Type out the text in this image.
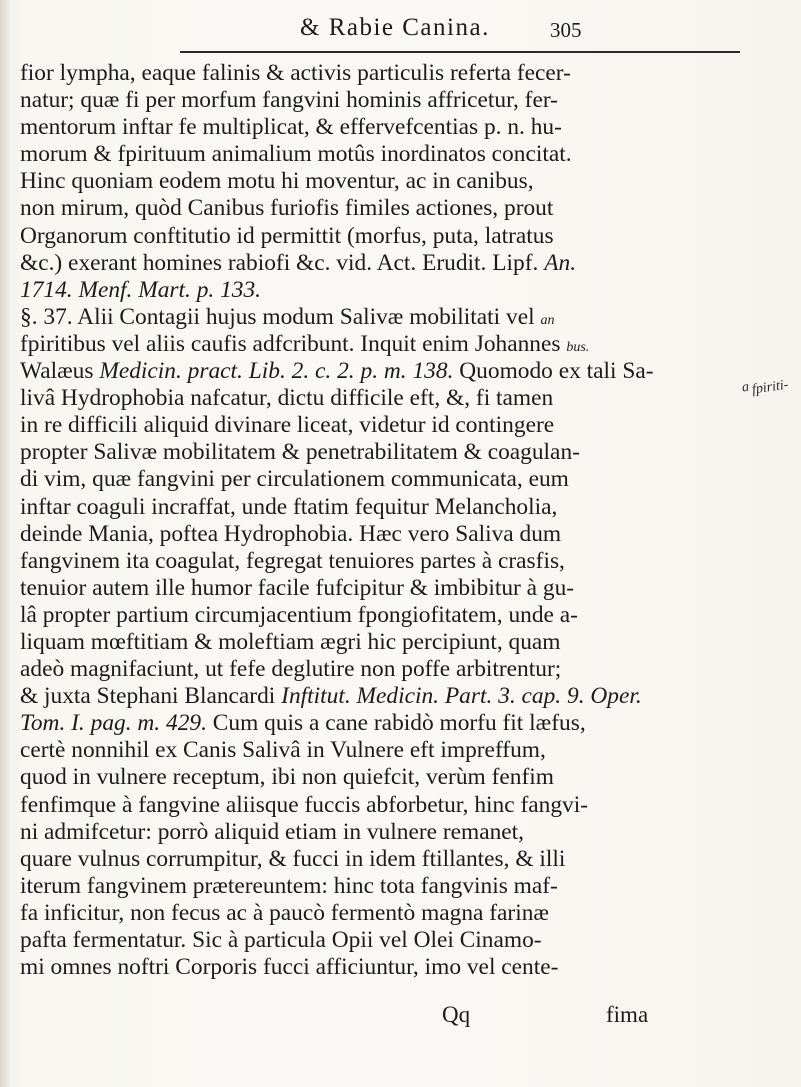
& Rabie Canina.	305
fior lympha, eaque falinis & activis particulis referta fecer-
natur; quæ fi per morfum fangvini hominis affricetur, fer-
mentorum inftar fe multiplicat, & effervefcentias p. n. hu-
morum & fpirituum animalium motûs inordinatos concitat.
Hinc quoniam eodem motu hi moventur, ac in canibus,
non mirum, quòd Canibus furiofis fimiles actiones, prout
Organorum conftitutio id permittit (morfus, puta, latratus
&c.) exerant homines rabiofi &c. vid. Act. Erudit. Lipf. An.
1714. Menf. Mart. p. 133.
§. 37. Alii Contagii hujus modum Salivæ mobilitati vel an
fpiritibus vel aliis caufis adfcribunt. Inquit enim Johannes bus.
Walæus Medicin. pract. Lib. 2. c. 2. p. m. 138. Quomodo ex tali Sa-
livâ Hydrophobia nafcatur, dictu difficile eft, &, fi tamen
in re difficili aliquid divinare liceat, videtur id contingere
propter Salivæ mobilitatem & penetrabilitatem & coagulan-
di vim, quæ fangvini per circulationem communicata, eum
inftar coaguli incraffat, unde ftatim fequitur Melancholia,
deinde Mania, poftea Hydrophobia. Hæc vero Saliva dum
fangvinem ita coagulat, fegregat tenuiores partes à crasfis,
tenuior autem ille humor facile fufcipitur & imbibitur à gu-
lâ propter partium circumjacentium fpongiofitatem, unde a-
liquam mœftitiam & moleftiam ægri hic percipiunt, quam
adeò magnifaciunt, ut fefe deglutire non poffe arbitrentur;
& juxta Stephani Blancardi Inftitut. Medicin. Part. 3. cap. 9. Oper.
Tom. I. pag. m. 429. Cum quis a cane rabidò morfu fit læfus,
certè nonnihil ex Canis Salivâ in Vulnere eft impreffum,
quod in vulnere receptum, ibi non quiefcit, verùm fenfim
fenfimque à fangvine aliisque fuccis abforbetur, hinc fangvi-
ni admifcetur: porrò aliquid etiam in vulnere remanet,
quare vulnus corrumpitur, & fucci in idem ftillantes, & illi
iterum fangvinem prætereuntem: hinc tota fangvinis maf-
fa inficitur, non fecus ac à paucò fermentò magna farinæ
pafta fermentatur. Sic à particula Opii vel Olei Cinamo-
mi omnes noftri Corporis fucci afficiuntur, imo vel cente-
a fpiriti-
Qq	fima
